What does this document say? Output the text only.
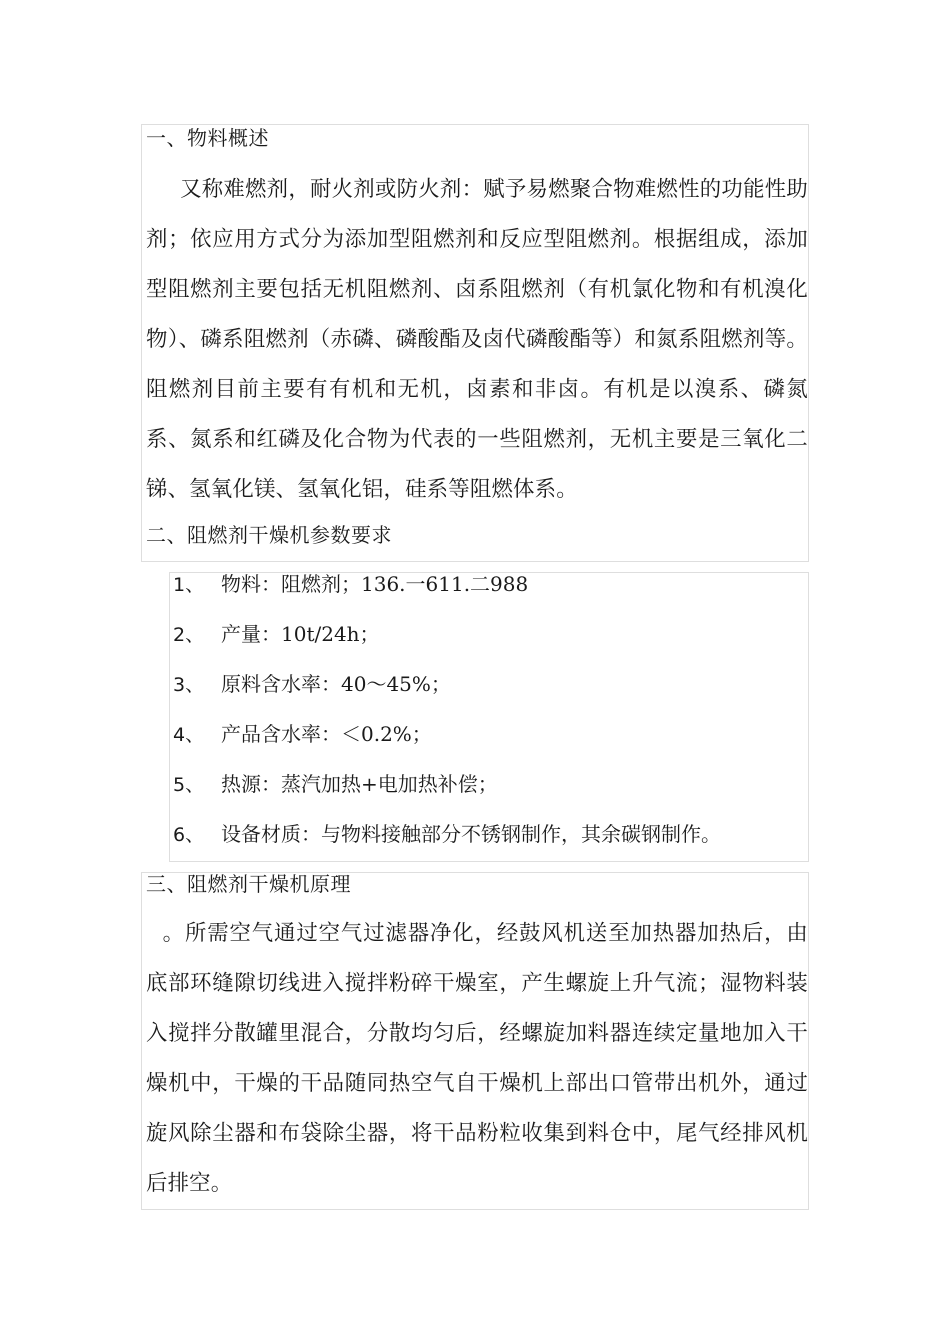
一、物料概述

又称难燃剂，耐火剂或防火剂：赋予易燃聚合物难燃性的功能性助剂；依应用方式分为添加型阻燃剂和反应型阻燃剂。根据组成，添加型阻燃剂主要包括无机阻燃剂、卤系阻燃剂（有机氯化物和有机溴化物）、磷系阻燃剂（赤磷、磷酸酯及卤代磷酸酯等）和氮系阻燃剂等。阻燃剂目前主要有有机和无机，卤素和非卤。有机是以溴系、磷氮系、氮系和红磷及化合物为代表的一些阻燃剂，无机主要是三氧化二锑、氢氧化镁、氢氧化铝，硅系等阻燃体系。

二、阻燃剂干燥机参数要求
1、 物料：阻燃剂；136.一611.二988
2、 产量：10t/24h；
3、 原料含水率：40～45%；
4、 产品含水率：＜0.2%；
5、 热源：蒸汽加热+电加热补偿；
6、 设备材质：与物料接触部分不锈钢制作，其余碳钢制作。
三、阻燃剂干燥机原理

。所需空气通过空气过滤器净化，经鼓风机送至加热器加热后，由底部环缝隙切线进入搅拌粉碎干燥室，产生螺旋上升气流；湿物料装入搅拌分散罐里混合，分散均匀后，经螺旋加料器连续定量地加入干燥机中，干燥的干品随同热空气自干燥机上部出口管带出机外，通过旋风除尘器和布袋除尘器，将干品粉粒收集到料仓中，尾气经排风机后排空。
